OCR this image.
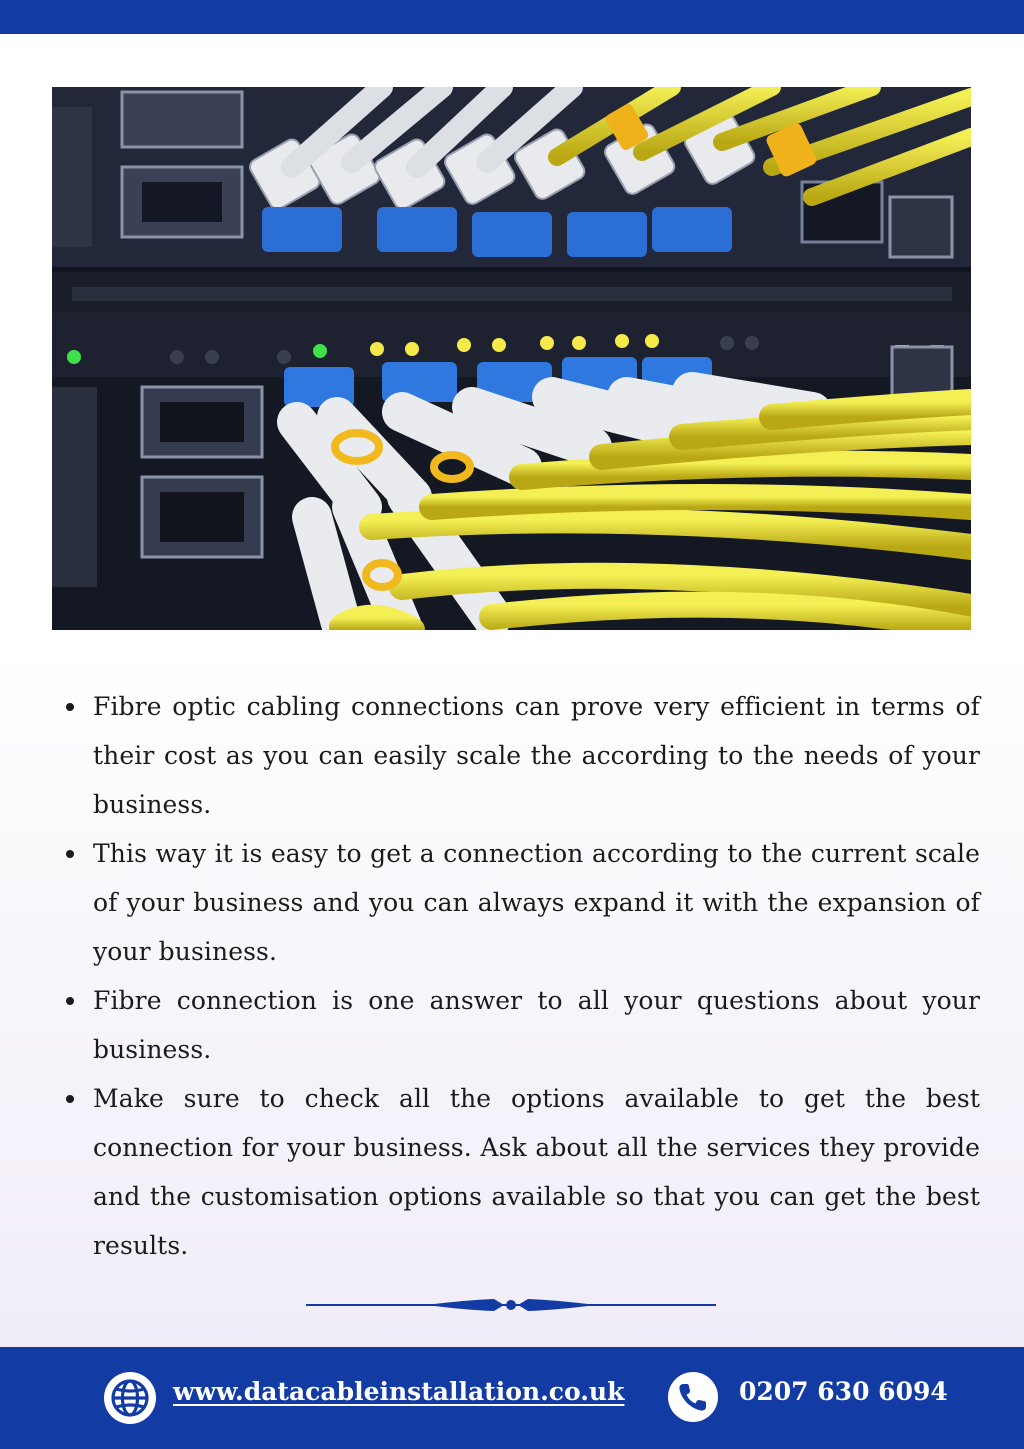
Fibre optic cabling connections can prove very efficient in terms of their cost as you can easily scale the according to the needs of your business.
This way it is easy to get a connection according to the current scale of your business and you can always expand it with the expansion of your business.
Fibre connection is one answer to all your questions about your business.
Make sure to check all the options available to get the best connection for your business. Ask about all the services they provide and the customisation options available so that you can get the best results.
www.datacableinstallation.co.uk	0207 630 6094
